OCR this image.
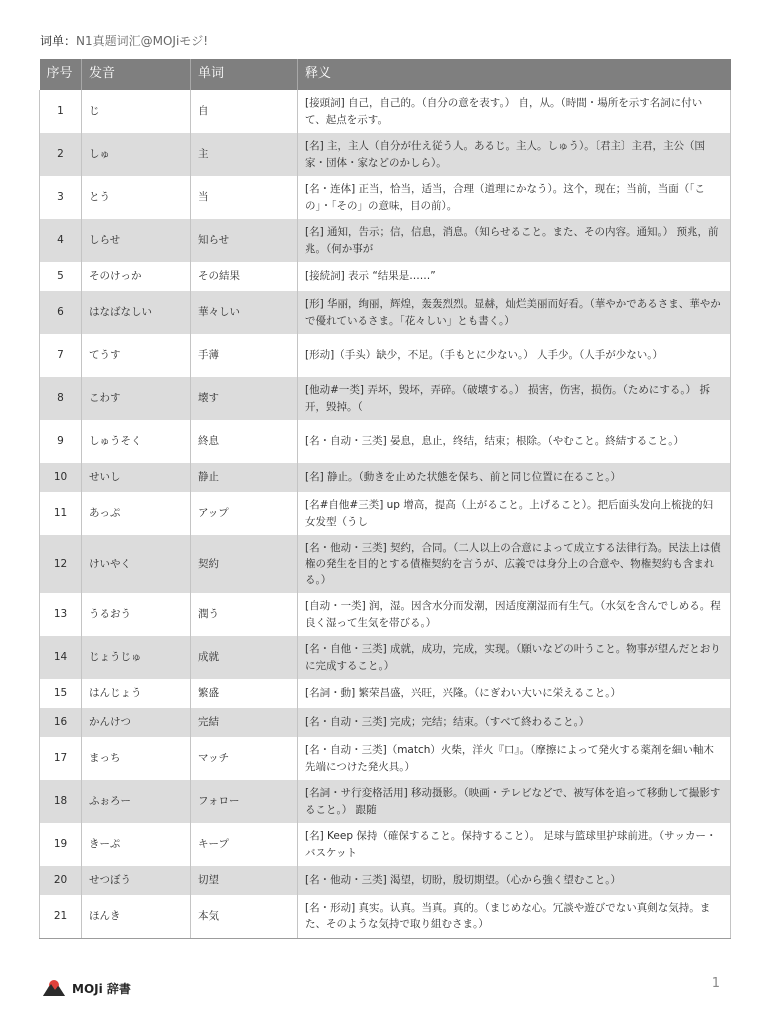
词单：N1真题词汇@MOJiモジ!
序号	发音	单词	释义
1	じ	自	[接頭詞] 自己，自己的。（自分の意を表す。） 自，从。（時間・場所を示す名詞に付いて、起点を示す。
2	しゅ	主	[名] 主，主人（自分が仕え従う人。あるじ。主人。しゅう）。〔君主〕主君，主公（国家・団体・家などのかしら）。
3	とう	当	[名・连体] 正当，恰当，适当，合理（道理にかなう）。这个，现在；当前，当面（「この」・「その」の意味，目の前）。
4	しらせ	知らせ	[名] 通知，告示；信，信息，消息。（知らせること。また、その内容。通知。） 预兆，前兆。（何か事が
5	そのけっか	その結果	[接続詞] 表示 “结果是……”
6	はなばなしい	華々しい	[形] 华丽，绚丽，辉煌，轰轰烈烈。显赫，灿烂美丽而好看。（華やかであるさま、華やかで優れているさま。「花々しい」とも書く。）
7	てうす	手薄	[形动]（手头）缺少，不足。（手もとに少ない。） 人手少。（人手が少ない。）
8	こわす	壊す	[他动#一类] 弄坏，毁坏，弄碎。（破壊する。） 损害，伤害，损伤。（ためにする。） 拆开，毁掉。（
9	しゅうそく	終息	[名・自动・三类] 晏息，息止，终结，结束；根除。（やむこと。終結すること。）
10	せいし	静止	[名] 静止。（動きを止めた状態を保ち、前と同じ位置に在ること。）
11	あっぷ	アップ	[名#自他#三类] up 增高，提高（上がること。上げること）。把后面头发向上梳拢的妇女发型（うし
12	けいやく	契約	[名・他动・三类] 契约，合同。（二人以上の合意によって成立する法律行為。民法上は債権の発生を目的とする債権契約を言うが、広義では身分上の合意や、物権契約も含まれる。）
13	うるおう	潤う	[自动・一类] 润，湿。因含水分而发潮，因适度潮湿而有生气。（水気を含んでしめる。程良く湿って生気を帯びる。）
14	じょうじゅ	成就	[名・自他・三类] 成就，成功，完成，实现。（願いなどの叶うこと。物事が望んだとおりに完成すること。）
15	はんじょう	繁盛	[名詞・動] 繁荣昌盛，兴旺，兴隆。（にぎわい大いに栄えること。）
16	かんけつ	完結	[名・自动・三类] 完成；完结；结束。（すべて終わること。）
17	まっち	マッチ	[名・自动・三类]（match）火柴，洋火『口』。（摩擦によって発火する薬剤を細い軸木先端につけた発火具。）
18	ふぉろー	フォロー	[名詞・サ行変格活用] 移动摄影。（映画・テレビなどで、被写体を追って移動して撮影すること。） 跟随
19	きーぷ	キープ	[名] Keep 保持（確保すること。保持すること）。 足球与篮球里护球前进。（サッカー・バスケット
20	せつぼう	切望	[名・他动・三类] 渴望，切盼，殷切期望。（心から強く望むこと。）
21	ほんき	本気	[名・形动] 真实。认真。当真。真的。（まじめな心。冗談や遊びでない真剣な気持。また、そのような気持で取り組むさま。）
MOJi 辞書	1
